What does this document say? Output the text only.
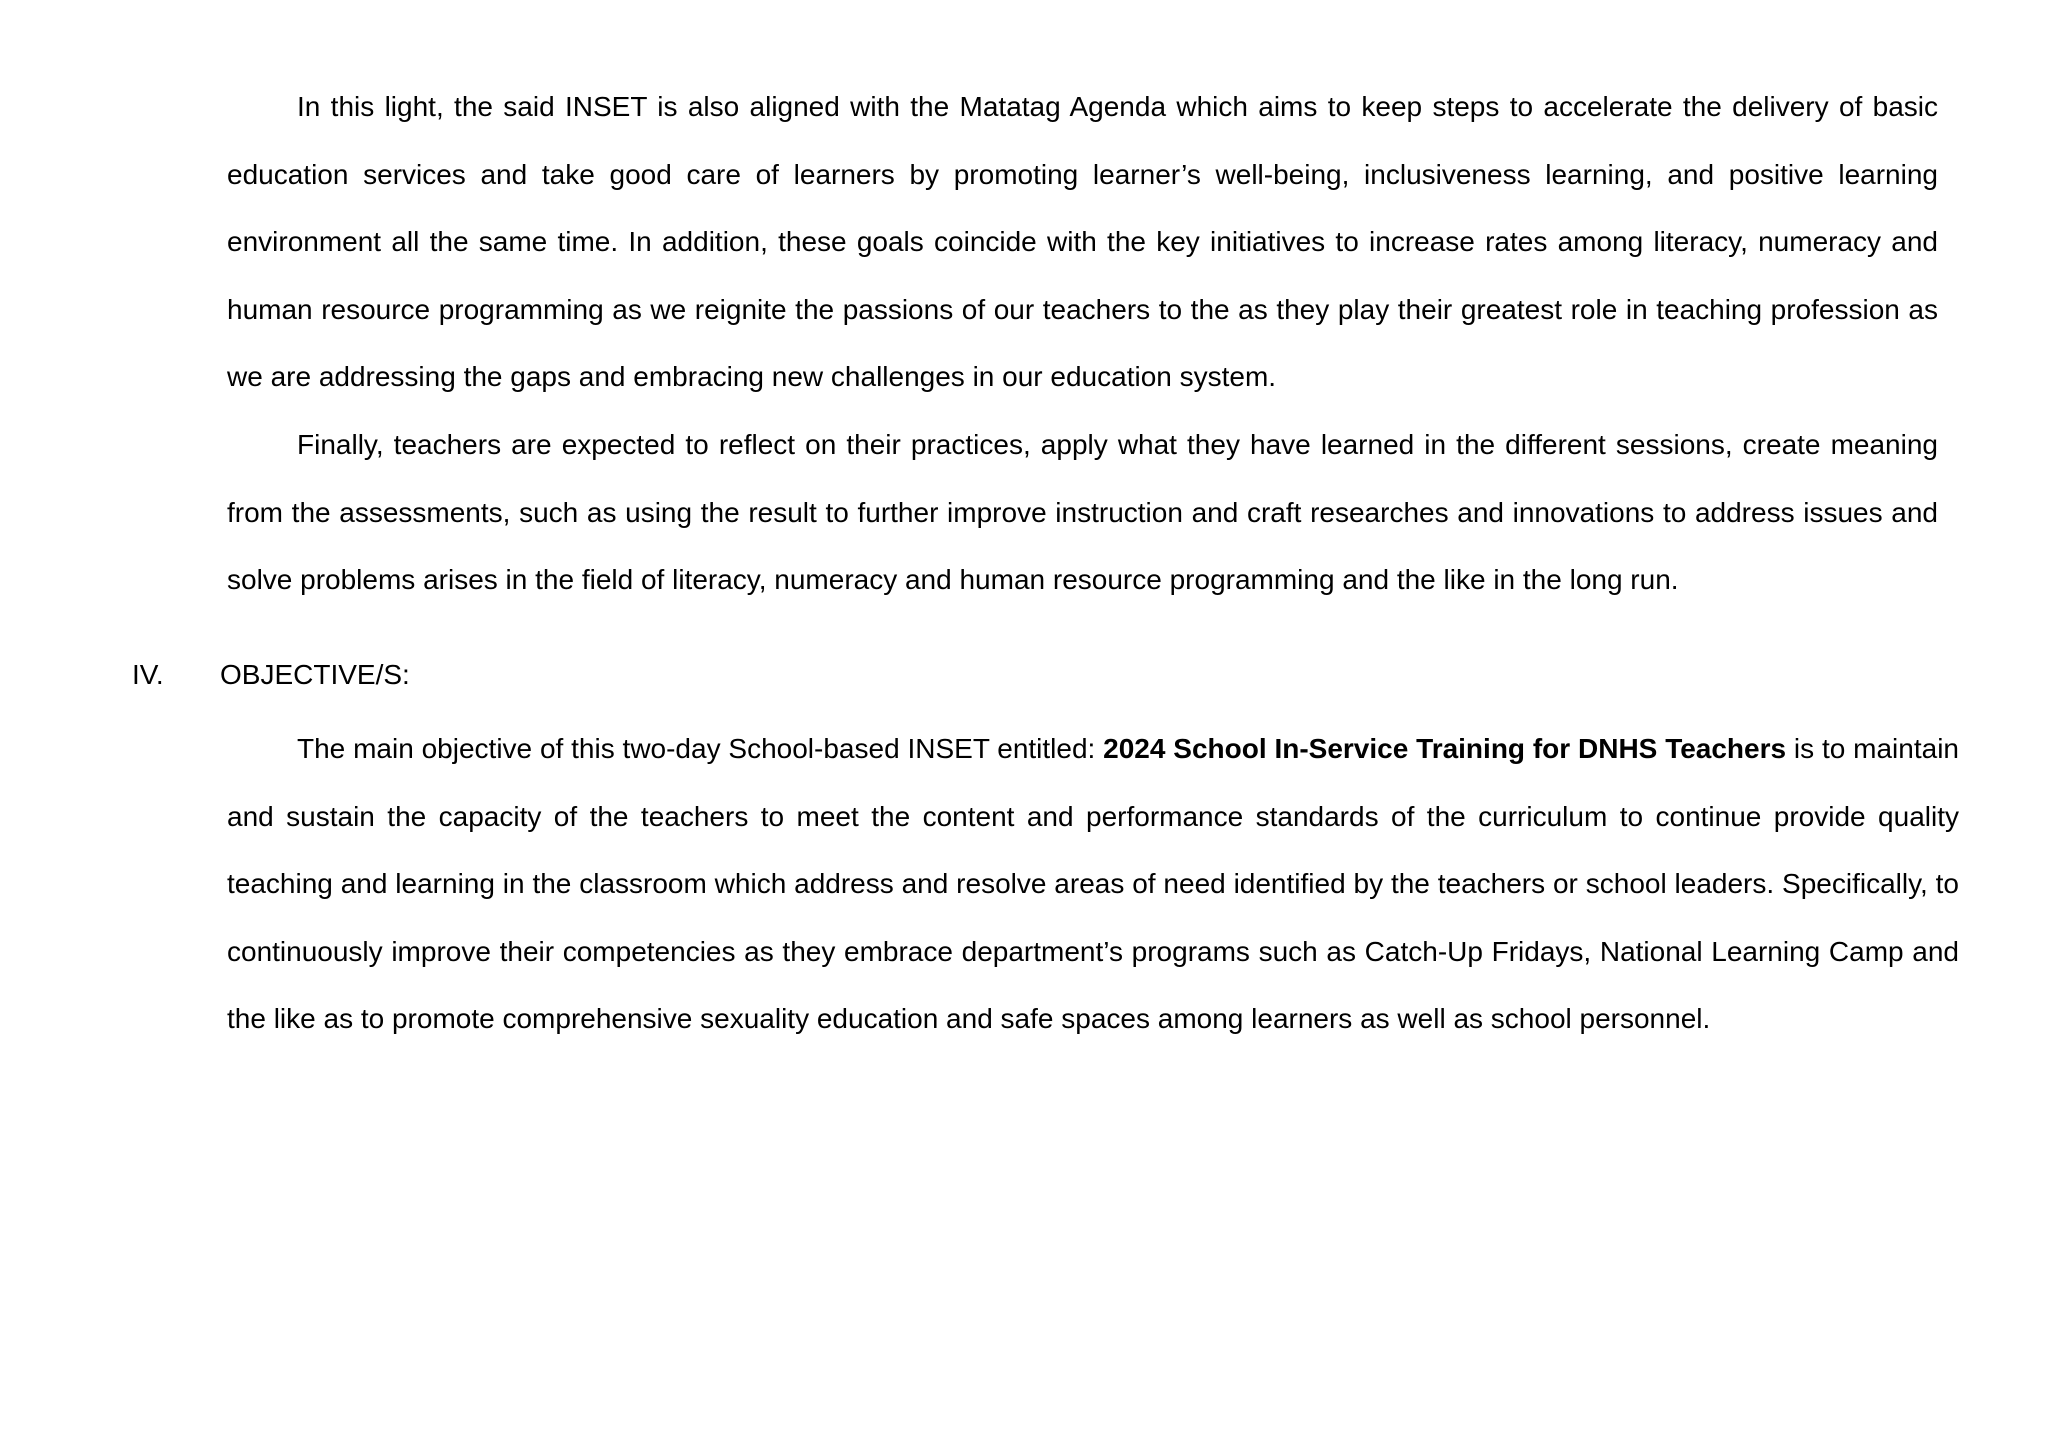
In this light, the said INSET is also aligned with the Matatag Agenda which aims to keep steps to accelerate the delivery of basic education services and take good care of learners by promoting learner’s well-being, inclusiveness learning, and positive learning environment all the same time. In addition, these goals coincide with the key initiatives to increase rates among literacy, numeracy and human resource programming as we reignite the passions of our teachers to the as they play their greatest role in teaching profession as we are addressing the gaps and embracing new challenges in our education system.

Finally, teachers are expected to reflect on their practices, apply what they have learned in the different sessions, create meaning from the assessments, such as using the result to further improve instruction and craft researches and innovations to address issues and solve problems arises in the field of literacy, numeracy and human resource programming and the like in the long run.

IV. OBJECTIVE/S:

The main objective of this two-day School-based INSET entitled: 2024 School In-Service Training for DNHS Teachers is to maintain and sustain the capacity of the teachers to meet the content and performance standards of the curriculum to continue provide quality teaching and learning in the classroom which address and resolve areas of need identified by the teachers or school leaders. Specifically, to continuously improve their competencies as they embrace department’s programs such as Catch-Up Fridays, National Learning Camp and the like as to promote comprehensive sexuality education and safe spaces among learners as well as school personnel.
